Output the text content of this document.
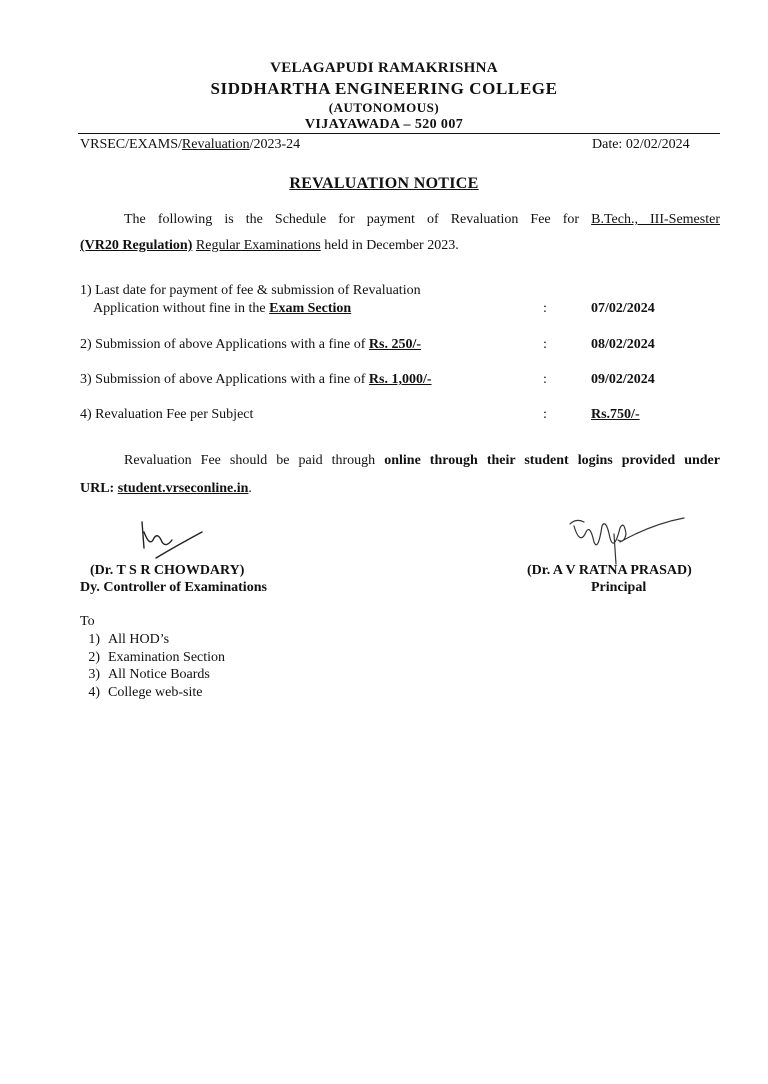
VELAGAPUDI RAMAKRISHNA
SIDDHARTHA ENGINEERING COLLEGE
(AUTONOMOUS)
VIJAYAWADA – 520 007
VRSEC/EXAMS/Revaluation/2023-24	Date: 02/02/2024
REVALUATION NOTICE
The following is the Schedule for payment of Revaluation Fee for B.Tech., III-Semester
(VR20 Regulation) Regular Examinations held in December 2023.
1) Last date for payment of fee & submission of Revaluation
Application without fine in the Exam Section	:	07/02/2024
2) Submission of above Applications with a fine of Rs. 250/-	:	08/02/2024
3) Submission of above Applications with a fine of Rs. 1,000/-	:	09/02/2024
4) Revaluation Fee per Subject	:	Rs.750/-
Revaluation Fee should be paid through online through their student logins provided under
URL: student.vrseconline.in.
(Dr. T S R CHOWDARY)
Dy. Controller of Examinations
(Dr. A V RATNA PRASAD)
Principal
To
1) All HOD’s
2) Examination Section
3) All Notice Boards
4) College web-site
